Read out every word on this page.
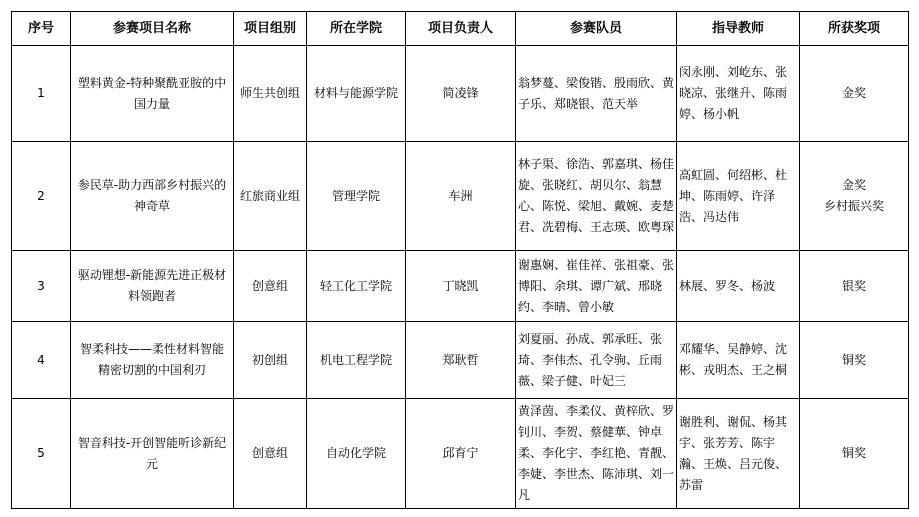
序号	参赛项目名称	项目组别	所在学院	项目负责人	参赛队员	指导教师	所获奖项
1	塑料黄金-特种聚酰亚胺的中国力量	师生共创组	材料与能源学院	简凌锋	翁梦蔓、梁俊锴、殷雨欣、黄子乐、郑晓银、范天举	闵永刚、刘屹东、张晓凉、张继升、陈雨婷、杨小帆	金奖

2	参民草-助力西部乡村振兴的神奇草	红旅商业组	管理学院	车洲	林子渠、徐浩、郭嘉琪、杨佳旋、张晓红、胡贝尔、翁慧心、陈悦、梁旭、戴婉、麦楚君、冼碧梅、王志瑛、欧粤琛	高虹圆、何绍彬、杜坤、陈雨婷、许泽浩、冯达伟	金奖
乡村振兴奖

3	驱动锂想-新能源先进正极材料领跑者	创意组	轻工化工学院	丁晓凯	谢惠娴、崔佳祥、张祖豪、张博阳、余琪、谭广斌、邢晓约、李晴、曾小敏	林展、罗冬、杨波	银奖

4	智柔科技——柔性材料智能精密切割的中国利刃	初创组	机电工程学院	郑耿哲	刘夏丽、孙成、郭承旺、张琦、李伟杰、孔令驹、丘雨薇、梁子健、叶妃三	邓耀华、吴静婷、沈彬、戎明杰、王之桐	铜奖

5	智音科技-开创智能听诊新纪元	创意组	自动化学院	邱育宁	黄泽茵、李柔仪、黄梓欣、罗钊川、李贺、蔡健華、钟卓柔、李化宇、李红艳、青靓、李婕、李世杰、陈沛琪、刘一凡	谢胜利、谢侃、杨其宇、张芳芳、陈宇瀚、王焕、吕元俊、苏雷	铜奖
